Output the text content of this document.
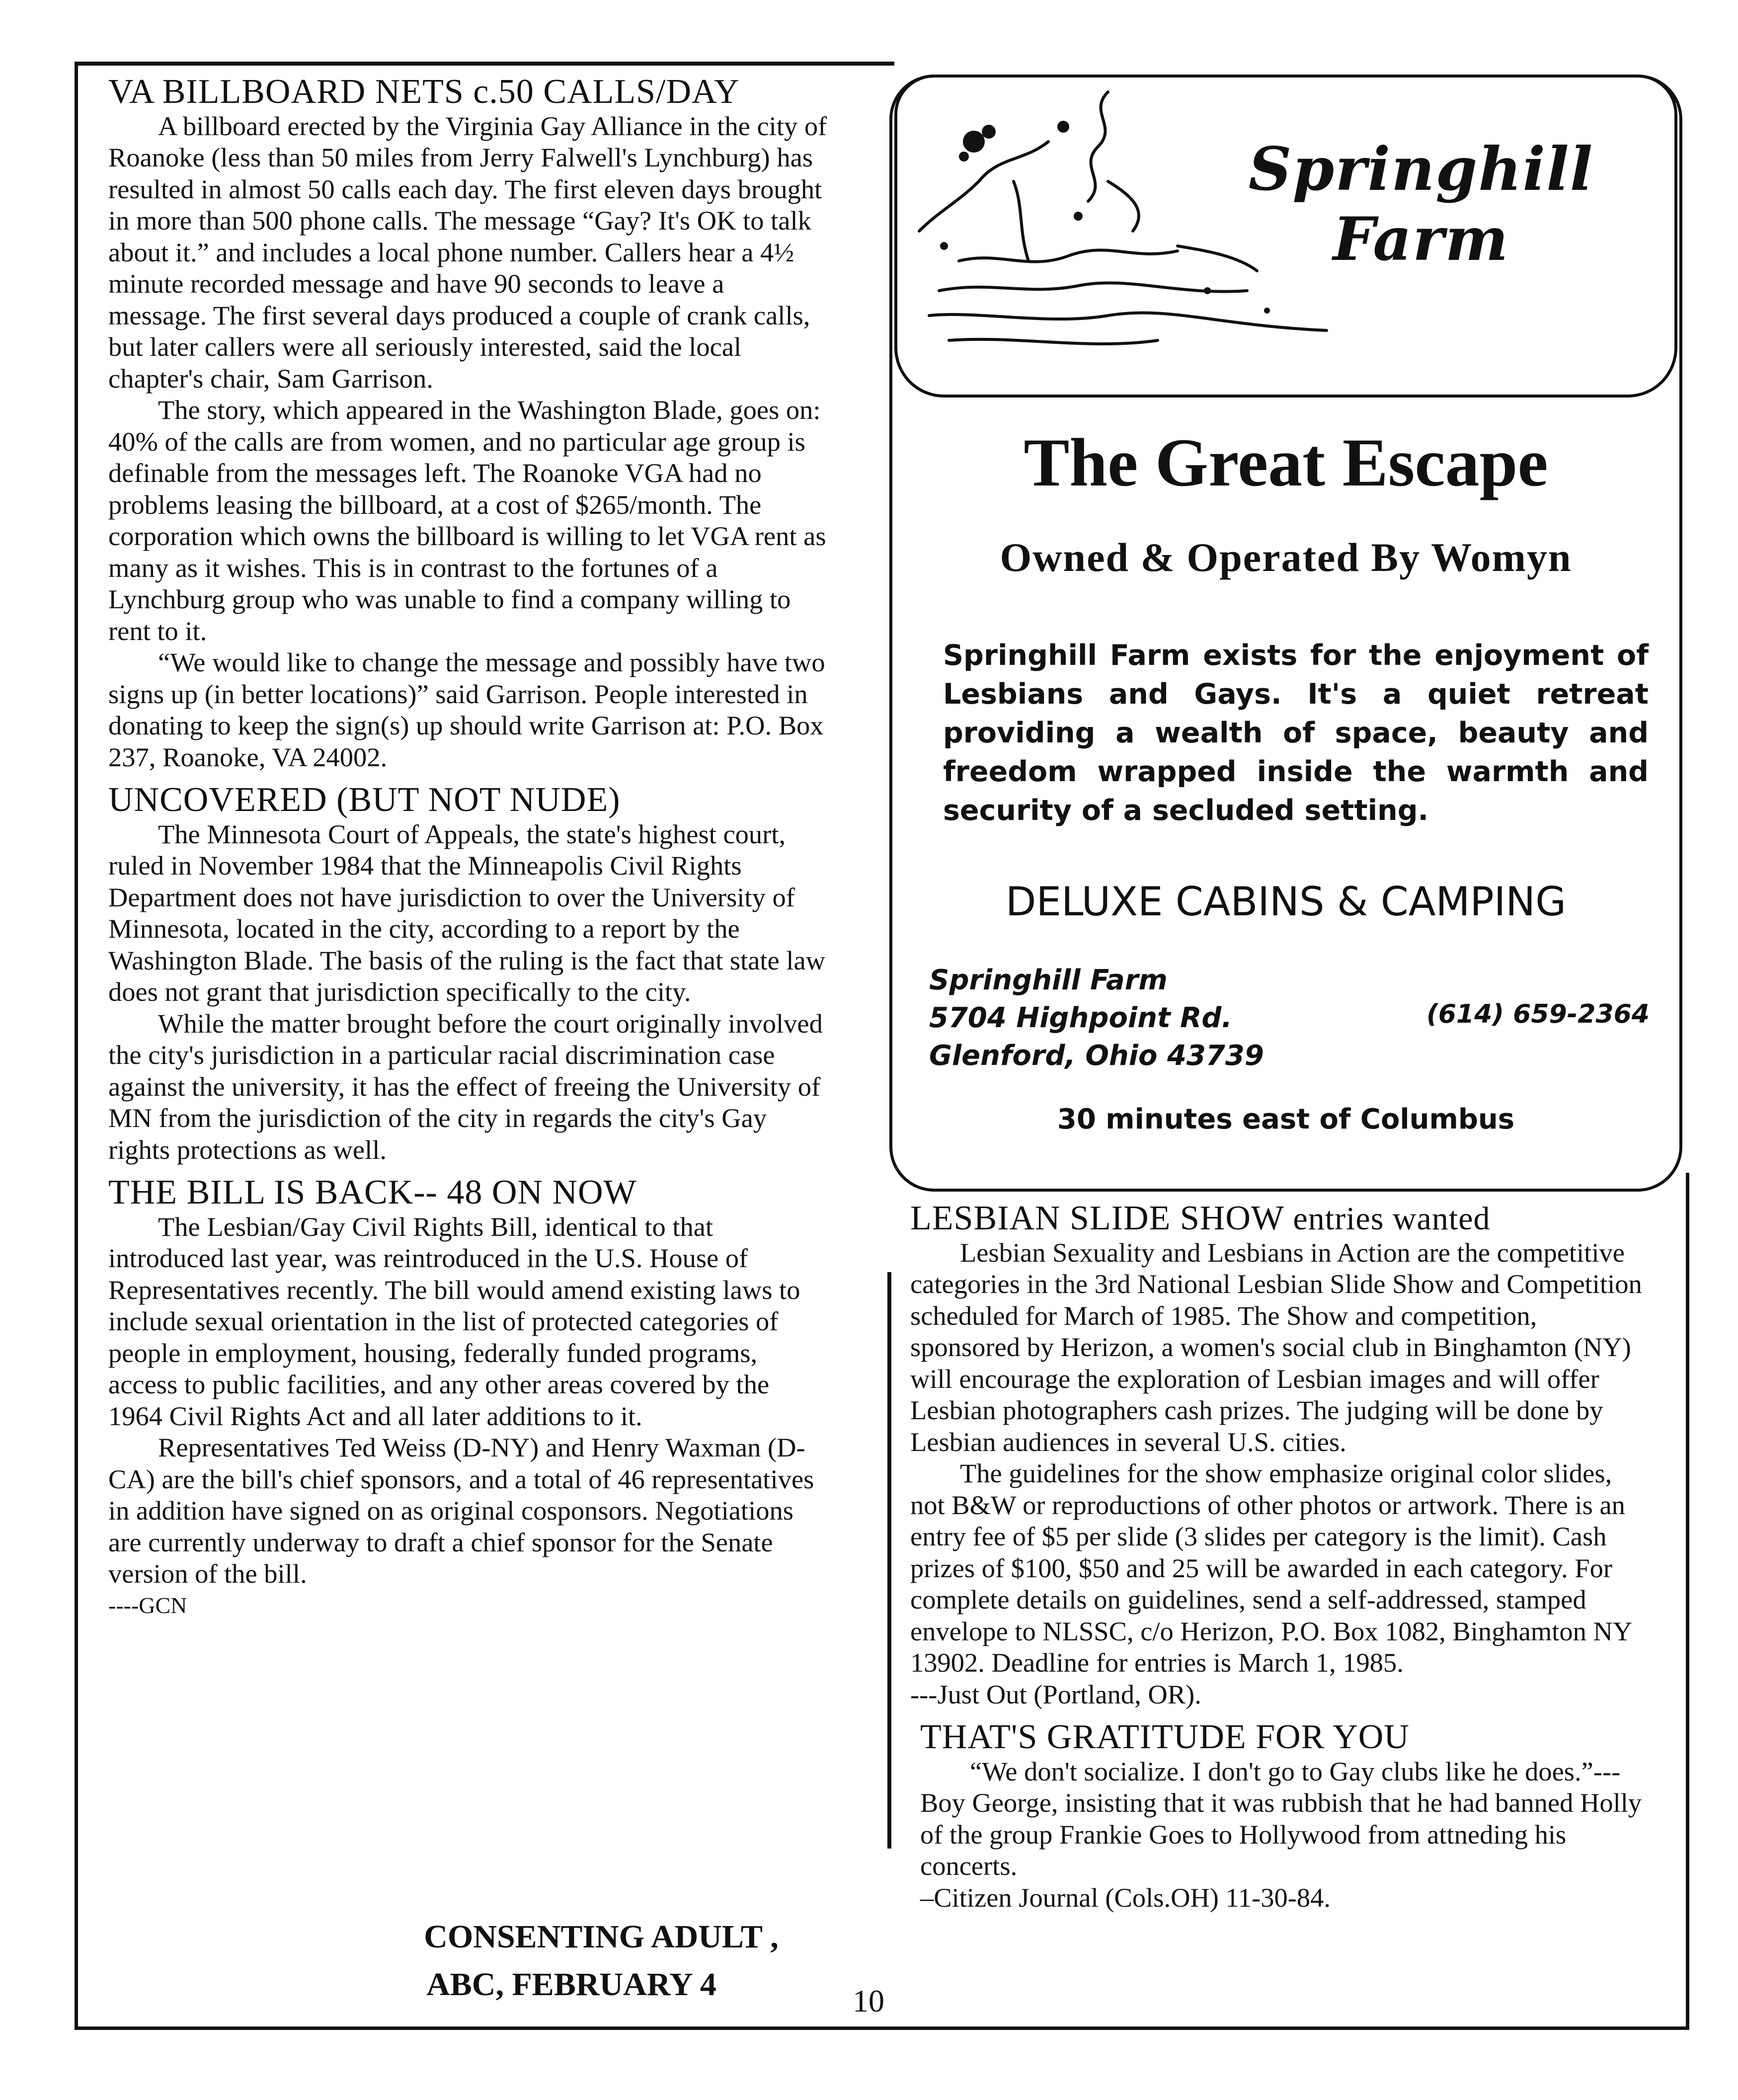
VA BILLBOARD NETS c.50 CALLS/DAY

A billboard erected by the Virginia Gay Alliance in the city of Roanoke (less than 50 miles from Jerry Falwell's Lynchburg) has resulted in almost 50 calls each day. The first eleven days brought in more than 500 phone calls. The message “Gay? It's OK to talk about it.” and includes a local phone number. Callers hear a 4½ minute recorded message and have 90 seconds to leave a message. The first several days produced a couple of crank calls, but later callers were all seriously interested, said the local chapter's chair, Sam Garrison.

The story, which appeared in the Washington Blade, goes on: 40% of the calls are from women, and no particular age group is definable from the messages left. The Roanoke VGA had no problems leasing the billboard, at a cost of $265/month. The corporation which owns the billboard is willing to let VGA rent as many as it wishes. This is in contrast to the fortunes of a Lynchburg group who was unable to find a company willing to rent to it.

“We would like to change the message and possibly have two signs up (in better locations)” said Garrison. People interested in donating to keep the sign(s) up should write Garrison at: P.O. Box 237, Roanoke, VA 24002.

UNCOVERED (BUT NOT NUDE)

The Minnesota Court of Appeals, the state's highest court, ruled in November 1984 that the Minneapolis Civil Rights Department does not have jurisdiction to over the University of Minnesota, located in the city, according to a report by the Washington Blade. The basis of the ruling is the fact that state law does not grant that jurisdiction specifically to the city.

While the matter brought before the court originally involved the city's jurisdiction in a particular racial discrimination case against the university, it has the effect of freeing the University of MN from the jurisdiction of the city in regards the city's Gay rights protections as well.

THE BILL IS BACK-- 48 ON NOW

The Lesbian/Gay Civil Rights Bill, identical to that introduced last year, was reintroduced in the U.S. House of Representatives recently. The bill would amend existing laws to include sexual orientation in the list of protected categories of people in employment, housing, federally funded programs, access to public facilities, and any other areas covered by the 1964 Civil Rights Act and all later additions to it.

Representatives Ted Weiss (D-NY) and Henry Waxman (D-CA) are the bill's chief sponsors, and a total of 46 representatives in addition have signed on as original cosponsors. Negotiations are currently underway to draft a chief sponsor for the Senate version of the bill.

----GCN

CONSENTING ADULT ,
ABC, FEBRUARY 4
Springhill Farm
The Great Escape
Owned & Operated By Womyn
Springhill Farm exists for the enjoyment of Lesbians and Gays. It's a quiet retreat providing a wealth of space, beauty and freedom wrapped inside the warmth and security of a secluded setting.
DELUXE CABINS & CAMPING
Springhill Farm
5704 Highpoint Rd.
Glenford, Ohio 43739
(614) 659-2364
30 minutes east of Columbus
LESBIAN SLIDE SHOW entries wanted

Lesbian Sexuality and Lesbians in Action are the competitive categories in the 3rd National Lesbian Slide Show and Competition scheduled for March of 1985. The Show and competition, sponsored by Herizon, a women's social club in Binghamton (NY) will encourage the exploration of Lesbian images and will offer Lesbian photographers cash prizes. The judging will be done by Lesbian audiences in several U.S. cities.

The guidelines for the show emphasize original color slides, not B&W or reproductions of other photos or artwork. There is an entry fee of $5 per slide (3 slides per category is the limit). Cash prizes of $100, $50 and 25 will be awarded in each category. For complete details on guidelines, send a self-addressed, stamped envelope to NLSSC, c/o Herizon, P.O. Box 1082, Binghamton NY 13902. Deadline for entries is March 1, 1985.

---Just Out (Portland, OR).

THAT'S GRATITUDE FOR YOU

“We don't socialize. I don't go to Gay clubs like he does.”---Boy George, insisting that it was rubbish that he had banned Holly of the group Frankie Goes to Hollywood from attneding his concerts.

–Citizen Journal (Cols.OH) 11-30-84.

10
